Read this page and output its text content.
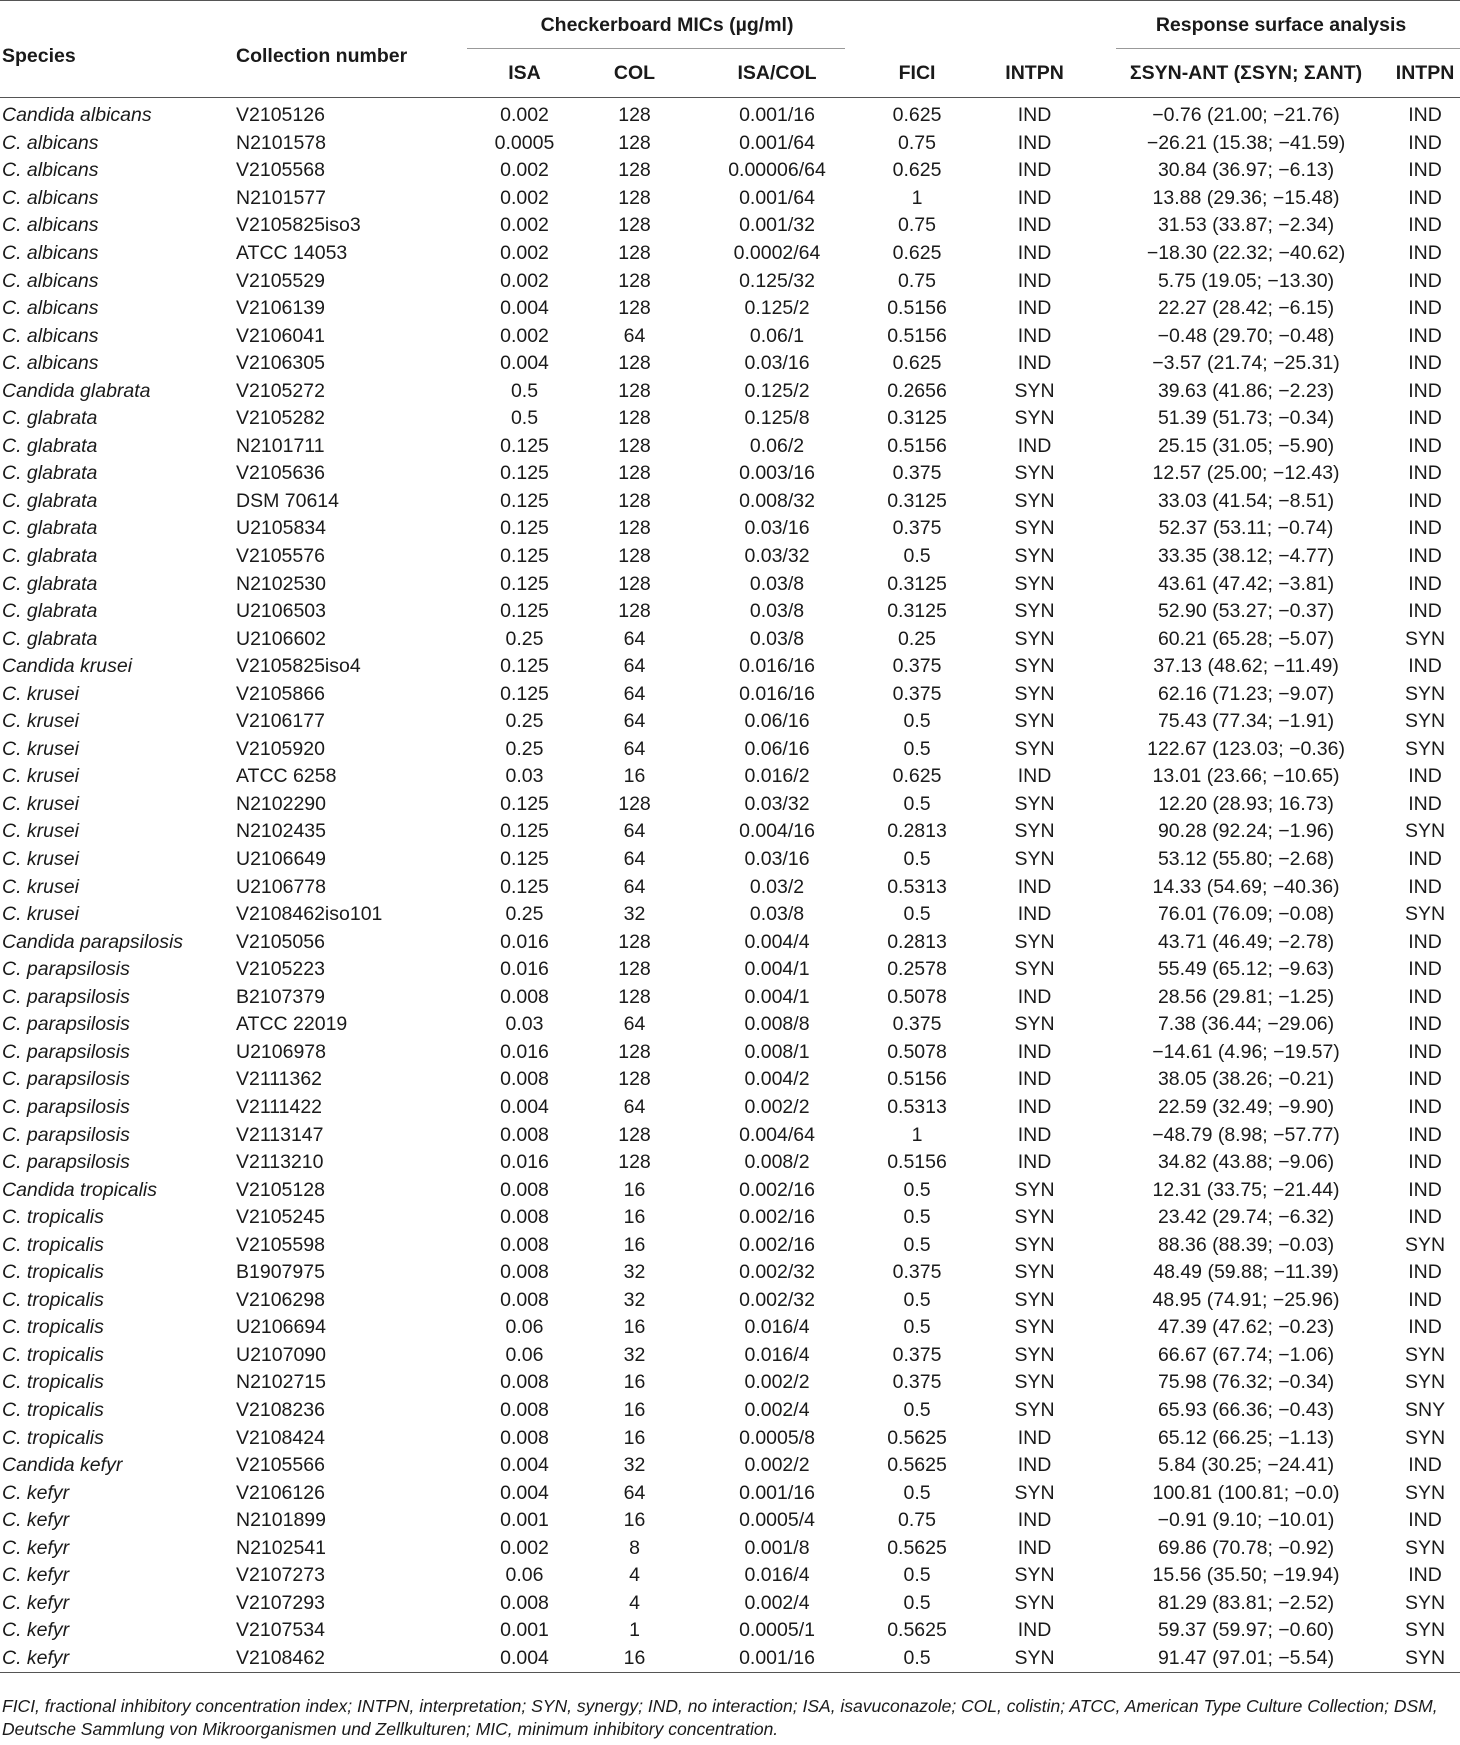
Species	Collection number	Checkerboard MICs (µg/ml)					Response surface analysis	
		ISA	COL	ISA/COL	FICI	INTPN	ΣSYN-ANT (ΣSYN; ΣANT)	INTPN
Candida albicans	V2105126	0.002	128	0.001/16	0.625	IND	−0.76 (21.00; −21.76)	IND
C. albicans	N2101578	0.0005	128	0.001/64	0.75	IND	−26.21 (15.38; −41.59)	IND
C. albicans	V2105568	0.002	128	0.00006/64	0.625	IND	30.84 (36.97; −6.13)	IND
C. albicans	N2101577	0.002	128	0.001/64	1	IND	13.88 (29.36; −15.48)	IND
C. albicans	V2105825iso3	0.002	128	0.001/32	0.75	IND	31.53 (33.87; −2.34)	IND
C. albicans	ATCC 14053	0.002	128	0.0002/64	0.625	IND	−18.30 (22.32; −40.62)	IND
C. albicans	V2105529	0.002	128	0.125/32	0.75	IND	5.75 (19.05; −13.30)	IND
C. albicans	V2106139	0.004	128	0.125/2	0.5156	IND	22.27 (28.42; −6.15)	IND
C. albicans	V2106041	0.002	64	0.06/1	0.5156	IND	−0.48 (29.70; −0.48)	IND
C. albicans	V2106305	0.004	128	0.03/16	0.625	IND	−3.57 (21.74; −25.31)	IND
Candida glabrata	V2105272	0.5	128	0.125/2	0.2656	SYN	39.63 (41.86; −2.23)	IND
C. glabrata	V2105282	0.5	128	0.125/8	0.3125	SYN	51.39 (51.73; −0.34)	IND
C. glabrata	N2101711	0.125	128	0.06/2	0.5156	IND	25.15 (31.05; −5.90)	IND
C. glabrata	V2105636	0.125	128	0.003/16	0.375	SYN	12.57 (25.00; −12.43)	IND
C. glabrata	DSM 70614	0.125	128	0.008/32	0.3125	SYN	33.03 (41.54; −8.51)	IND
C. glabrata	U2105834	0.125	128	0.03/16	0.375	SYN	52.37 (53.11; −0.74)	IND
C. glabrata	V2105576	0.125	128	0.03/32	0.5	SYN	33.35 (38.12; −4.77)	IND
C. glabrata	N2102530	0.125	128	0.03/8	0.3125	SYN	43.61 (47.42; −3.81)	IND
C. glabrata	U2106503	0.125	128	0.03/8	0.3125	SYN	52.90 (53.27; −0.37)	IND
C. glabrata	U2106602	0.25	64	0.03/8	0.25	SYN	60.21 (65.28; −5.07)	SYN
Candida krusei	V2105825iso4	0.125	64	0.016/16	0.375	SYN	37.13 (48.62; −11.49)	IND
C. krusei	V2105866	0.125	64	0.016/16	0.375	SYN	62.16 (71.23; −9.07)	SYN
C. krusei	V2106177	0.25	64	0.06/16	0.5	SYN	75.43 (77.34; −1.91)	SYN
C. krusei	V2105920	0.25	64	0.06/16	0.5	SYN	122.67 (123.03; −0.36)	SYN
C. krusei	ATCC 6258	0.03	16	0.016/2	0.625	IND	13.01 (23.66; −10.65)	IND
C. krusei	N2102290	0.125	128	0.03/32	0.5	SYN	12.20 (28.93; 16.73)	IND
C. krusei	N2102435	0.125	64	0.004/16	0.2813	SYN	90.28 (92.24; −1.96)	SYN
C. krusei	U2106649	0.125	64	0.03/16	0.5	SYN	53.12 (55.80; −2.68)	IND
C. krusei	U2106778	0.125	64	0.03/2	0.5313	IND	14.33 (54.69; −40.36)	IND
C. krusei	V2108462iso101	0.25	32	0.03/8	0.5	IND	76.01 (76.09; −0.08)	SYN
Candida parapsilosis	V2105056	0.016	128	0.004/4	0.2813	SYN	43.71 (46.49; −2.78)	IND
C. parapsilosis	V2105223	0.016	128	0.004/1	0.2578	SYN	55.49 (65.12; −9.63)	IND
C. parapsilosis	B2107379	0.008	128	0.004/1	0.5078	IND	28.56 (29.81; −1.25)	IND
C. parapsilosis	ATCC 22019	0.03	64	0.008/8	0.375	SYN	7.38 (36.44; −29.06)	IND
C. parapsilosis	U2106978	0.016	128	0.008/1	0.5078	IND	−14.61 (4.96; −19.57)	IND
C. parapsilosis	V2111362	0.008	128	0.004/2	0.5156	IND	38.05 (38.26; −0.21)	IND
C. parapsilosis	V2111422	0.004	64	0.002/2	0.5313	IND	22.59 (32.49; −9.90)	IND
C. parapsilosis	V2113147	0.008	128	0.004/64	1	IND	−48.79 (8.98; −57.77)	IND
C. parapsilosis	V2113210	0.016	128	0.008/2	0.5156	IND	34.82 (43.88; −9.06)	IND
Candida tropicalis	V2105128	0.008	16	0.002/16	0.5	SYN	12.31 (33.75; −21.44)	IND
C. tropicalis	V2105245	0.008	16	0.002/16	0.5	SYN	23.42 (29.74; −6.32)	IND
C. tropicalis	V2105598	0.008	16	0.002/16	0.5	SYN	88.36 (88.39; −0.03)	SYN
C. tropicalis	B1907975	0.008	32	0.002/32	0.375	SYN	48.49 (59.88; −11.39)	IND
C. tropicalis	V2106298	0.008	32	0.002/32	0.5	SYN	48.95 (74.91; −25.96)	IND
C. tropicalis	U2106694	0.06	16	0.016/4	0.5	SYN	47.39 (47.62; −0.23)	IND
C. tropicalis	U2107090	0.06	32	0.016/4	0.375	SYN	66.67 (67.74; −1.06)	SYN
C. tropicalis	N2102715	0.008	16	0.002/2	0.375	SYN	75.98 (76.32; −0.34)	SYN
C. tropicalis	V2108236	0.008	16	0.002/4	0.5	SYN	65.93 (66.36; −0.43)	SNY
C. tropicalis	V2108424	0.008	16	0.0005/8	0.5625	IND	65.12 (66.25; −1.13)	SYN
Candida kefyr	V2105566	0.004	32	0.002/2	0.5625	IND	5.84 (30.25; −24.41)	IND
C. kefyr	V2106126	0.004	64	0.001/16	0.5	SYN	100.81 (100.81; −0.0)	SYN
C. kefyr	N2101899	0.001	16	0.0005/4	0.75	IND	−0.91 (9.10; −10.01)	IND
C. kefyr	N2102541	0.002	8	0.001/8	0.5625	IND	69.86 (70.78; −0.92)	SYN
C. kefyr	V2107273	0.06	4	0.016/4	0.5	SYN	15.56 (35.50; −19.94)	IND
C. kefyr	V2107293	0.008	4	0.002/4	0.5	SYN	81.29 (83.81; −2.52)	SYN
C. kefyr	V2107534	0.001	1	0.0005/1	0.5625	IND	59.37 (59.97; −0.60)	SYN
C. kefyr	V2108462	0.004	16	0.001/16	0.5	SYN	91.47 (97.01; −5.54)	SYN
FICI, fractional inhibitory concentration index; INTPN, interpretation; SYN, synergy; IND, no interaction; ISA, isavuconazole; COL, colistin; ATCC, American Type Culture Collection; DSM, Deutsche Sammlung von Mikroorganismen und Zellkulturen; MIC, minimum inhibitory concentration.
